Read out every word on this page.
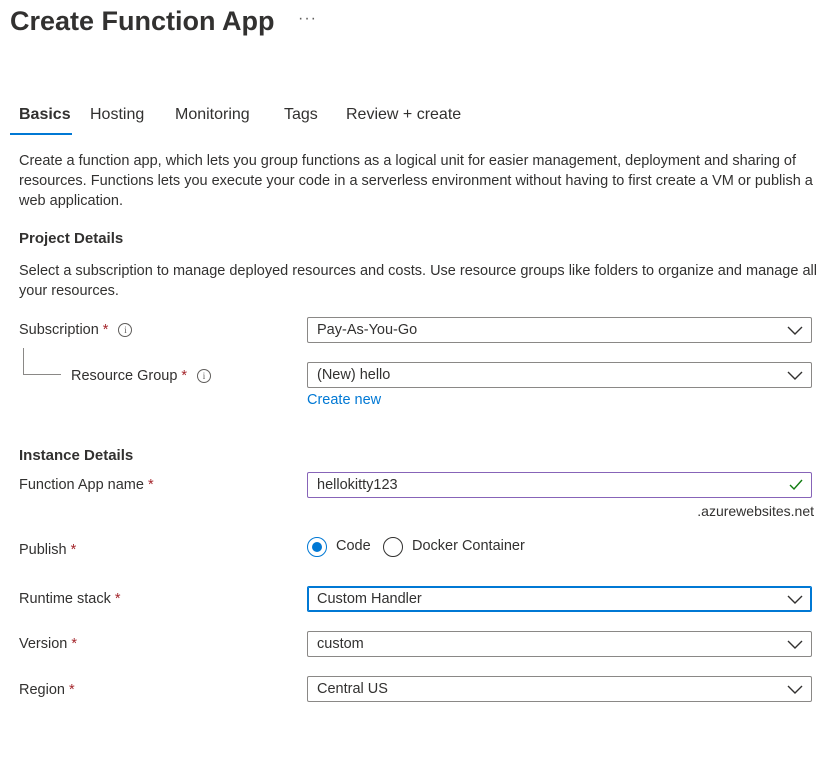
Create Function App ···
Basics Hosting Monitoring Tags Review + create
Create a function app, which lets you group functions as a logical unit for easier management, deployment and sharing of resources. Functions lets you execute your code in a serverless environment without having to first create a VM or publish a web application.
Project Details
Select a subscription to manage deployed resources and costs. Use resource groups like folders to organize and manage all your resources.
Subscription * i	Pay-As-You-Go
Resource Group * i	(New) hello
Create new
Instance Details
Function App name *	hellokitty123
.azurewebsites.net
Publish *	Code	Docker Container
Runtime stack *	Custom Handler
Version *	custom
Region *	Central US
